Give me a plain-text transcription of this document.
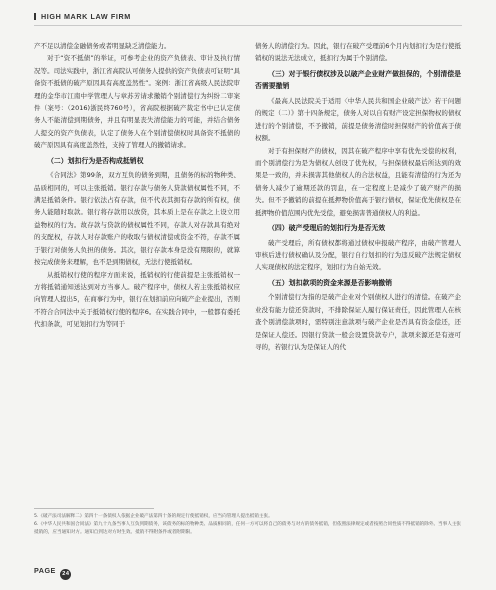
HIGH MARK LAW FIRM

产不足以清偿金融债务或者明显缺乏清偿能力。

对于“资不抵债”的举证，可参考企业的资产负债表、审计及执行情况等。司法实践中，浙江省高院认可债务人提供的资产负债表可证明“具备资不抵债的破产原因具有高度盖然性”。案例：浙江省高级人民法院审理的金华市江南中学管理人与章苏芳请求撤销个别清偿行为纠纷二审案件（案号：（2016)浙民终760号），省高院根据破产裁定书中已认定债务人不能清偿到期债务，并且有明显丧失清偿能力的可能，并结合债务人提交的资产负债表，认定了债务人在个别清偿债权时具备资不抵债的破产原因具有高度盖然性，支持了管理人的撤销请求。

（二）划扣行为是否构成抵销权

《合同法》第99条，双方互负的债务到期，且债务的标的物种类、品质相同的，可以主张抵销。银行存款与债务人贷款债权属性不同，不满足抵销条件。银行依法占有存款，但不代表其拥有存款的所有权，债务人能随时取款。银行将存款用以放贷，其本质上是在存款之上设立用益物权的行为。故存款与贷款的债权属性不同，存款人对存款具有绝对的支配权，存款人对存款账户的收取与债权清偿或资金不符，存款不属于银行对债务人负担的债务。其次，银行存款本身是没有期限的，就算按完成债务来理解，也不是到期债权，无法行使抵销权。

从抵销权行使的程序方面来说，抵销权的行使前提是主张抵销权一方将抵销通知送达到对方当事人。破产程序中，债权人若主张抵销权应向管理人提出5，在商事行为中，银行在划扣前应向破产企业提出，否则不符合合同法中关于抵销权行使的程序6。在实践合同中，一般都有委托代扣条款，可见划扣行为等同于

债务人的清偿行为。因此，银行在破产受理前6个月内划扣行为是行使抵销权的说法无法成立，抵扣行为属于个别清偿。

（三）对于银行债权涉及以破产企业财产做担保的，个别清偿是否需要撤销

《最高人民法院关于适用〈中华人民共和国企业破产法〉若干问题的规定（二）》第十四条规定，债务人对以自有财产设定担保物权的债权进行的个别清偿，不予撤销，前提是债务清偿时担保财产的价值高于债权额。

对于有担保财产的债权，因其在破产程序中享有优先受偿的权利，而个别清偿行为是为债权人创设了优先权，与担保债权最后所达到的效果是一致的，并未损害其他债权人的合法权益，且能有清偿的行为还为债务人减少了逾期还款的罚息，在一定程度上是减少了破产财产的损失。但不予撤销的前提在抵押物价值高于银行债权，保证优先债权是在抵押物价值范围内优先受偿，避免损害普通债权人的利益。

（四）破产受理后的划扣行为是否无效

破产受理后，所有债权都将通过债权申报破产程序，由破产管理人审核后进行债权确认及分配，银行自行划扣的行为违反破产法规定债权人实现债权的法定程序，划扣行为自始无效。

（五）划扣款项的资金来源是否影响撤销

个别清偿行为指的是破产企业对个别债权人进行的清偿。在破产企业没有能力偿还贷款时，不排除保证人履行保证责任，因此管理人在核查个别清偿款项时，需特别注意款项与破产企业是否具有资金偿还，还是保证人偿还。因银行贷款一般会设置贷款专户，款项来源还是有迹可寻的，若银行认为是保证人的代

5.《破产法司法解释二》第四十一条债权人依据企业破产法第四十条的规定行使抵销权，应当向管理人提出抵销主张。
6.《中华人民共和国合同法》第九十九条当事人互负到期债务，该债务的标的物种类、品质相同的，任何一方可以将自己的债务与对方的债务抵销，但依照法律规定或者按照合同性质不得抵销的除外。当事人主张抵销的，应当通知对方。通知自到达对方时生效。抵销不得附条件或者附期限。
PAGE 24
